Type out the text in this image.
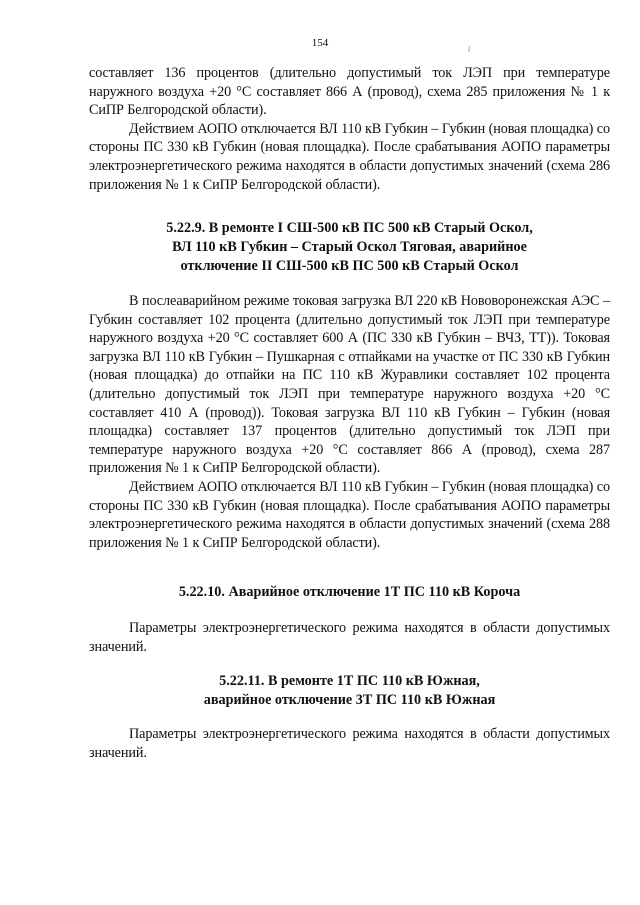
154
ſ

составляет 136 процентов (длительно допустимый ток ЛЭП при температуре наружного воздуха +20 °С составляет 866 А (провод), схема 285 приложения № 1 к СиПР Белгородской области).

Действием АОПО отключается ВЛ 110 кВ Губкин – Губкин (новая площадка) со стороны ПС 330 кВ Губкин (новая площадка). После срабатывания АОПО параметры электроэнергетического режима находятся в области допустимых значений (схема 286 приложения № 1 к СиПР Белгородской области).

5.22.9. В ремонте I СШ-500 кВ ПС 500 кВ Старый Оскол,
ВЛ 110 кВ Губкин – Старый Оскол Тяговая, аварийное
отключение II СШ-500 кВ ПС 500 кВ Старый Оскол

В послеаварийном режиме токовая загрузка ВЛ 220 кВ Нововоронежская АЭС – Губкин составляет 102 процента (длительно допустимый ток ЛЭП при температуре наружного воздуха +20 °С составляет 600 А (ПС 330 кВ Губкин – ВЧЗ, ТТ)). Токовая загрузка ВЛ 110 кВ Губкин – Пушкарная с отпайками на участке от ПС 330 кВ Губкин (новая площадка) до отпайки на ПС 110 кВ Журавлики составляет 102 процента (длительно допустимый ток ЛЭП при температуре наружного воздуха +20 °С составляет 410 А (провод)). Токовая загрузка ВЛ 110 кВ Губкин – Губкин (новая площадка) составляет 137 процентов (длительно допустимый ток ЛЭП при температуре наружного воздуха +20 °С составляет 866 А (провод), схема 287 приложения № 1 к СиПР Белгородской области).

Действием АОПО отключается ВЛ 110 кВ Губкин – Губкин (новая площадка) со стороны ПС 330 кВ Губкин (новая площадка). После срабатывания АОПО параметры электроэнергетического режима находятся в области допустимых значений (схема 288 приложения № 1 к СиПР Белгородской области).

5.22.10. Аварийное отключение 1Т ПС 110 кВ Короча

Параметры электроэнергетического режима находятся в области допустимых значений.

5.22.11. В ремонте 1Т ПС 110 кВ Южная,
аварийное отключение 3Т ПС 110 кВ Южная

Параметры электроэнергетического режима находятся в области допустимых значений.
